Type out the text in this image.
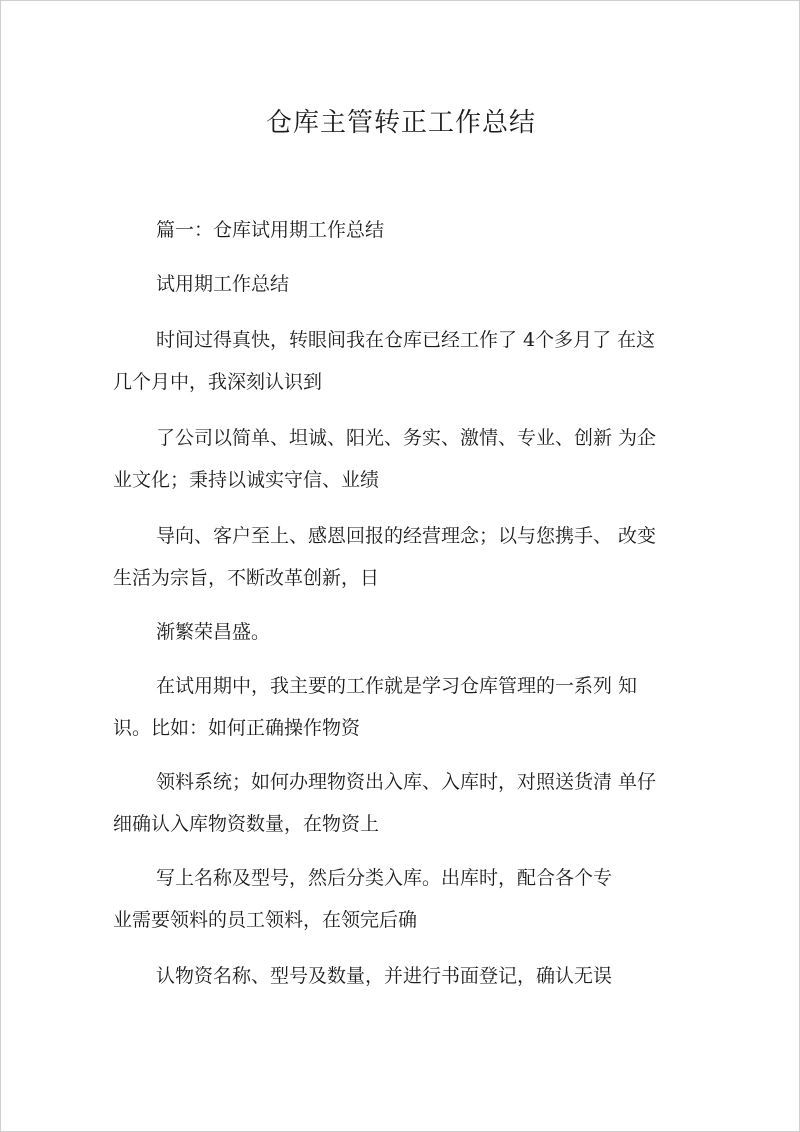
仓库主管转正工作总结
篇一：仓库试用期工作总结
试用期工作总结
时间过得真快，转眼间我在仓库已经工作了 4个多月了 在这
几个月中，我深刻认识到
了公司以简单、坦诚、阳光、务实、激情、专业、创新 为企
业文化；秉持以诚实守信、业绩
导向、客户至上、感恩回报的经营理念；以与您携手、 改变
生活为宗旨，不断改革创新，日
渐繁荣昌盛。
在试用期中，我主要的工作就是学习仓库管理的一系列 知
识。比如：如何正确操作物资
领料系统；如何办理物资出入库、入库时，对照送货清 单仔
细确认入库物资数量，在物资上
写上名称及型号，然后分类入库。出库时，配合各个专
业需要领料的员工领料，在领完后确
认物资名称、型号及数量，并进行书面登记，确认无误
